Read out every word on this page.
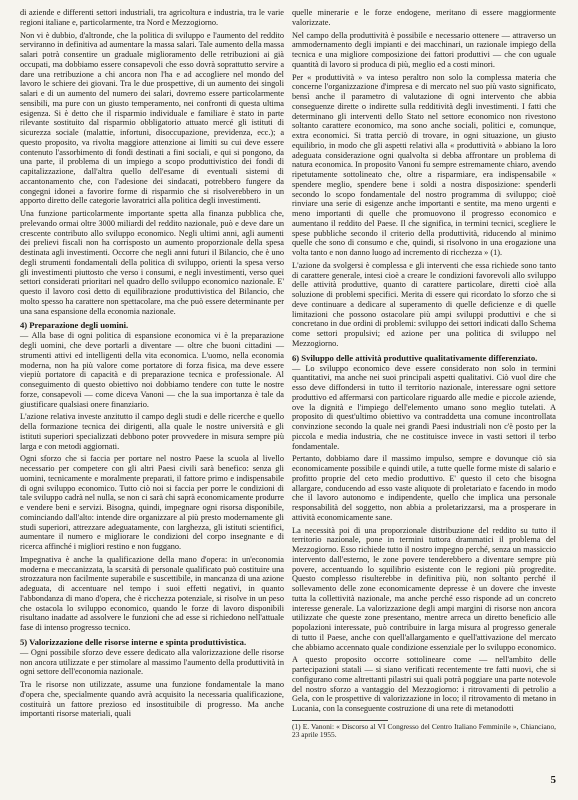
di aziende e differenti settori industriali, tra agricoltura e industria, tra le varie regioni italiane e, particolarmente, tra Nord e Mezzogiorno.

Non vi è dubbio, d'altronde, che la politica di sviluppo e l'aumento del reddito serviranno in definitiva ad aumentare la massa salari. Tale aumento della massa salari potrà consentire un graduale miglioramento delle retribuzioni ai già occupati, ma dobbiamo essere consapevoli che esso dovrà soprattutto servire a dare una retribuzione a chi ancora non l'ha e ad accogliere nel mondo del lavoro le schiere dei giovani. Tra le due prospettive, di un aumento dei singoli salari e di un aumento del numero dei salari, dovremo essere particolarmente sensibili, ma pure con un giusto temperamento, nei confronti di questa ultima esigenza. Si è detto che il risparmio individuale e familiare è stato in parte rilevante sostituito dal risparmio obbligatorio attuato mercé gli istituti di sicurezza sociale (malattie, infortuni, disoccupazione, previdenza, ecc.); a questo proposito, va rivolta maggiore attenzione ai limiti su cui deve essere contenuto l'assorbimento di fondi destinati a fini sociali, e qui si pongono, da una parte, il problema di un impiego a scopo produttivistico dei fondi di capitalizzazione, dall'altra quello dell'esame di eventuali sistemi di accantonamento che, con l'adesione dei sindacati, potrebbero fungere da congegni idonei a favorire forme di risparmio che si risolverebbero in un apporto diretto delle categorie lavoratrici alla politica degli investimenti.

Una funzione particolarmente importante spetta alla finanza pubblica che, prelevando ormai oltre 3000 miliardi del reddito nazionale, può e deve dare un crescente contributo allo sviluppo economico. Negli ultimi anni, agli aumenti dei prelievi fiscali non ha corrisposto un aumento proporzionale della spesa destinata agli investimenti. Occorre che negli anni futuri il Bilancio, che è uno degli strumenti fondamentali della politica di sviluppo, orienti la spesa verso gli investimenti piuttosto che verso i consumi, e negli investimenti, verso quei settori considerati prioritari nel quadro dello sviluppo economico nazionale. E' questo il lavoro così detto di equilibrazione produttivistica del Bilancio, che molto spesso ha carattere non spettacolare, ma che può essere determinante per una sana espansione della economia nazionale.

4) Preparazione degli uomini.

— Alla base di ogni politica di espansione economica vi è la preparazione degli uomini, che deve portarli a diventare — oltre che buoni cittadini — strumenti attivi ed intelligenti della vita economica. L'uomo, nella economia moderna, non ha più valore come portatore di forza fisica, ma deve essere viepiù portatore di capacità e di preparazione tecnica e professionale. Al conseguimento di questo obiettivo noi dobbiamo tendere con tutte le nostre forze, consapevoli — come diceva Vanoni — che la sua importanza è tale da giustificare qualsiasi onere finanziario.

L'azione relativa investe anzitutto il campo degli studi e delle ricerche e quello della formazione tecnica dei dirigenti, alla quale le nostre università e gli istituti superiori specializzati debbono poter provvedere in misura sempre più larga e con metodi aggiornati.

Ogni sforzo che si faccia per portare nel nostro Paese la scuola al livello necessario per competere con gli altri Paesi civili sarà benefico: senza gli uomini, tecnicamente e moralmente preparati, il fattore primo e indispensabile di ogni sviluppo economico. Tutto ciò noi si faccia per porre le condizioni di tale sviluppo cadrà nel nulla, se non ci sarà chi saprà economicamente produrre e vendere beni e servizi. Bisogna, quindi, impegnare ogni risorsa disponibile, cominciando dall'alto: intende dire organizzare al più presto modernamente gli studi superiori, attrezzare adeguatamente, con larghezza, gli istituti scientifici, aumentare il numero e migliorare le condizioni del corpo insegnante e di ricerca affinché i migliori restino e non fuggano.

Impegnativa è anche la qualificazione della mano d'opera: in un'economia moderna e meccanizzata, la scarsità di personale qualificato può costituire una strozzatura non facilmente superabile e suscettibile, in mancanza di una azione adeguata, di accentuare nel tempo i suoi effetti negativi, in quanto l'abbondanza di mano d'opera, che è ricchezza potenziale, si risolve in un peso che ostacola lo sviluppo economico, quando le forze di lavoro disponibili risultano inadatte ad assolvere le funzioni che ad esse si richiedono nell'attuale fase di intenso progresso tecnico.

5) Valorizzazione delle risorse interne e spinta produttivistica.

— Ogni possibile sforzo deve essere dedicato alla valorizzazione delle risorse non ancora utilizzate e per stimolare al massimo l'aumento della produttività in ogni settore dell'economia nazionale.

Tra le risorse non utilizzate, assume una funzione fondamentale la mano d'opera che, specialmente quando avrà acquisito la necessaria qualificazione, costituirà un fattore prezioso ed insostituibile di progresso. Ma anche importanti risorse materiali, quali

quelle minerarie e le forze endogene, meritano di essere maggiormente valorizzate.

Nel campo della produttività è possibile e necessario ottenere — attraverso un ammodernamento degli impianti e dei macchinari, un razionale impiego della tecnica e una migliore composizione dei fattori produttivi — che con uguale quantità di lavoro si produca di più, meglio ed a costi minori.

Per « produttività » va inteso peraltro non solo la complessa materia che concerne l'organizzazione d'impresa e di mercato nel suo più vasto significato, bensì anche il parametro di valutazione di ogni intervento che abbia conseguenze dirette o indirette sulla redditività degli investimenti. I fatti che determinano gli interventi dello Stato nel settore economico non rivestono soltanto carattere economico, ma sono anche sociali, politici e, comunque, extra economici. Si tratta perciò di trovare, in ogni situazione, un giusto equilibrio, in modo che gli aspetti relativi alla « produttività » abbiano la loro adeguata considerazione ogni qualvolta si debba affrontare un problema di natura economica. In proposito Vanoni fu sempre estremamente chiaro, avendo ripetutamente sottolineato che, oltre a risparmiare, era indispensabile « spendere meglio, spendere bene i soldi a nostra disposizione: spenderli secondo lo scopo fondamentale del nostro programma di sviluppo; cioè rinviare una serie di esigenze anche importanti e sentite, ma meno urgenti e meno importanti di quelle che promuovono il progresso economico e aumentano il reddito del Paese. Il che significa, in termini tecnici, scegliere le spese pubbliche secondo il criterio della produttività, riducendo al minimo quelle che sono di consumo e che, quindi, si risolvono in una erogazione una volta tanto e non danno luogo ad incremento di ricchezza » (1).

L'azione da svolgersi è complessa e gli interventi che essa richiede sono tanto di carattere generale, intesi cioè a creare le condizioni favorevoli allo sviluppo delle attività produttive, quanto di carattere particolare, diretti cioè alla soluzione di problemi specifici. Merita di essere qui ricordato lo sforzo che si deve continuare a dedicare al superamento di quelle deficienze e di quelle limitazioni che possono ostacolare più ampi sviluppi produttivi e che si concretano in due ordini di problemi: sviluppo dei settori indicati dallo Schema come settori propulsivi; ed azione per una politica di sviluppo nel Mezzogiorno.

6) Sviluppo delle attività produttive qualitativamente differenziato.

— Lo sviluppo economico deve essere considerato non solo in termini quantitativi, ma anche nei suoi principali aspetti qualitativi. Ciò vuol dire che esso deve diffondersi in tutto il territorio nazionale, interessare ogni settore produttivo ed affermarsi con particolare riguardo alle medie e piccole aziende, ove la dignità e l'impiego dell'elemento umano sono meglio tutelati. A proposito di quest'ultimo obiettivo va contraddetta una comune incontrollata convinzione secondo la quale nei grandi Paesi industriali non c'è posto per la piccola e media industria, che ne costituisce invece in vasti settori il terbo fondamentale.

Pertanto, dobbiamo dare il massimo impulso, sempre e dovunque ciò sia economicamente possibile e quindi utile, a tutte quelle forme miste di salario e profitto proprie del ceto medio produttivo. E' questo il ceto che bisogna allargare, conducendo ad esso vaste aliquote di proletariato e facendo in modo che il lavoro autonomo e indipendente, quello che implica una personale responsabilità del soggetto, non abbia a proletarizzarsi, ma a prosperare in attività economicamente sane.

La necessità poi di una proporzionale distribuzione del reddito su tutto il territorio nazionale, pone in termini tuttora drammatici il problema del Mezzogiorno. Esso richiede tutto il nostro impegno perché, senza un massiccio intervento dall'esterno, le zone povere tenderebbero a diventare sempre più povere, accentuando lo squilibrio esistente con le regioni più progredite. Questo complesso risulterebbe in definitiva più, non soltanto perché il sollevamento delle zone economicamente depresse è un dovere che investe tutta la collettività nazionale, ma anche perché esso risponde ad un concreto interesse generale. La valorizzazione degli ampi margini di risorse non ancora utilizzate che queste zone presentano, mentre arreca un diretto beneficio alle popolazioni interessate, può contribuire in larga misura al progresso generale di tutto il Paese, anche con quell'allargamento e quell'attivazione del mercato che abbiamo accennato quale condizione essenziale per lo sviluppo economico.

A questo proposito occorre sottolineare come — nell'ambito delle partecipazioni statali — si siano verificati recentemente tre fatti nuovi, che si configurano come altrettanti pilastri sui quali potrà poggiare una parte notevole del nostro sforzo a vantaggio del Mezzogiorno: i ritrovamenti di petrolio a Gela, con le prospettive di valorizzazione in loco; il ritrovamento di metano in Lucania, con la conseguente costruzione di una rete di metanodotti

(1) E. Vanoni: « Discorso al VI Congresso del Centro Italiano Femminile », Chianciano, 23 aprile 1955.

5
